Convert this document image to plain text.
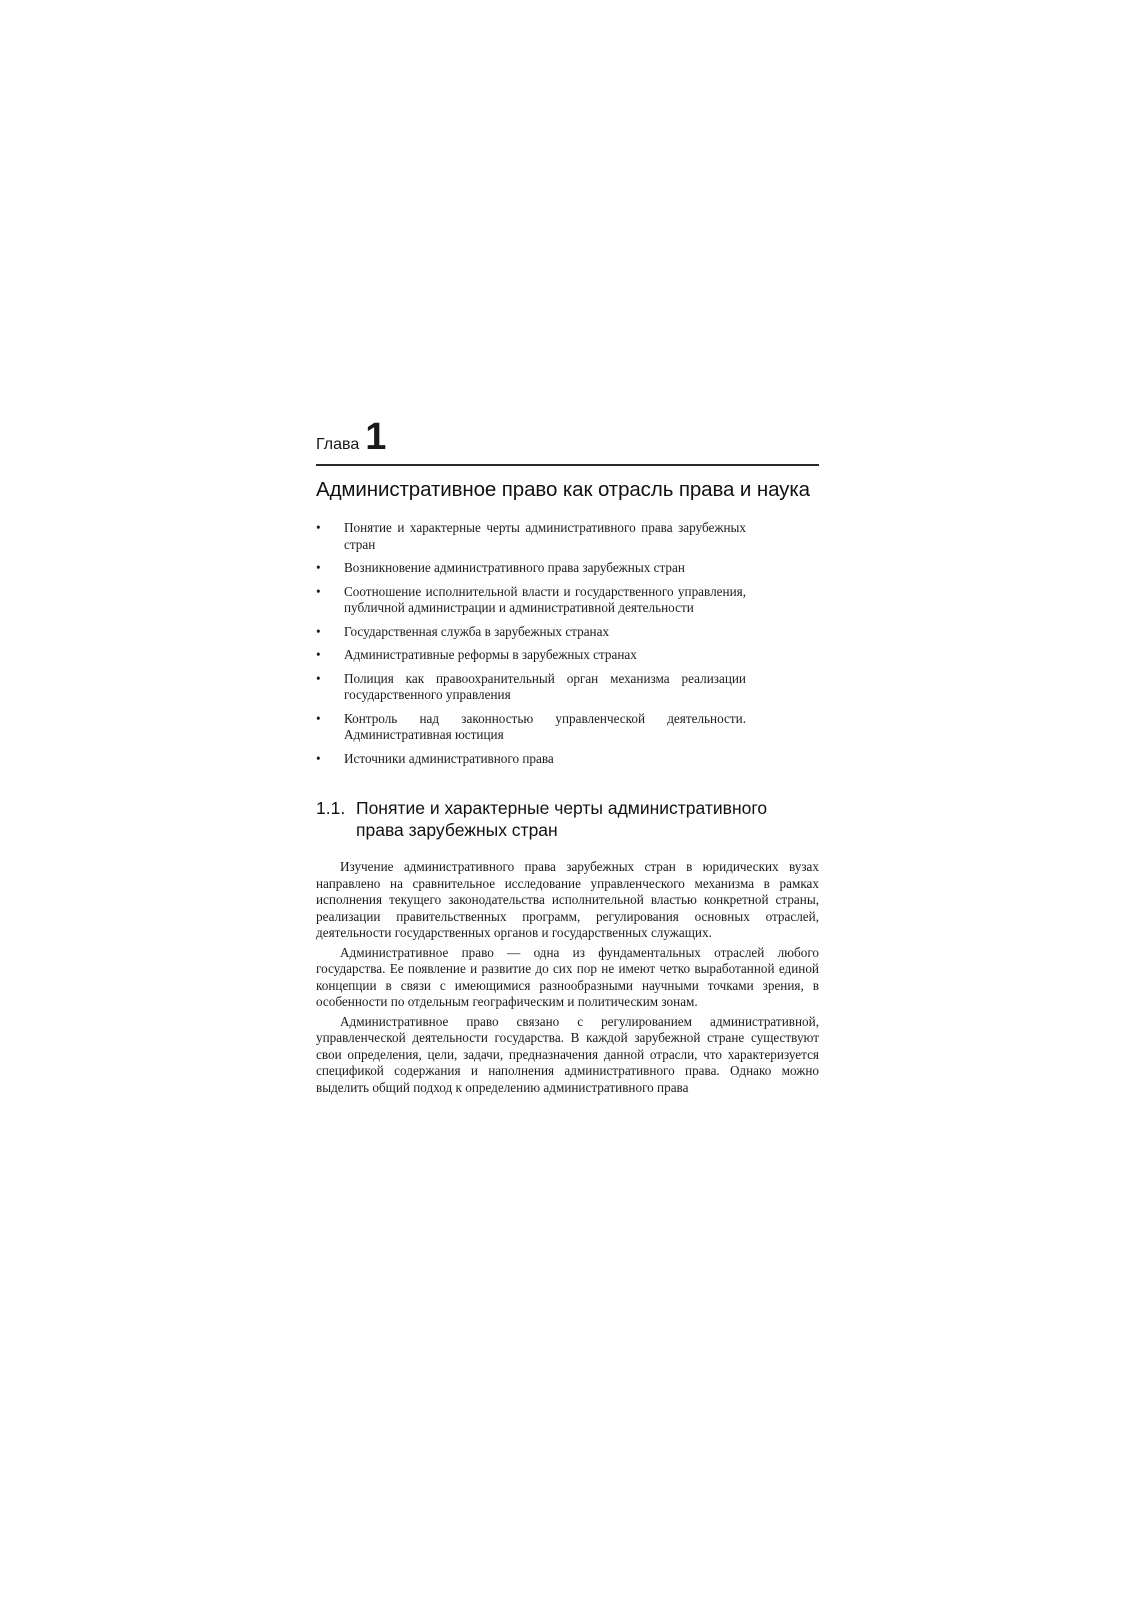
Глава 1
Административное право как отрасль права и наука
• Понятие и характерные черты административного права зарубежных стран
• Возникновение административного права зарубежных стран
• Соотношение исполнительной власти и государственного управления, публичной администрации и административной деятельности
• Государственная служба в зарубежных странах
• Административные реформы в зарубежных странах
• Полиция как правоохранительный орган механизма реализации государственного управления
• Контроль над законностью управленческой деятельности. Административная юстиция
• Источники административного права
1.1. Понятие и характерные черты административного права зарубежных стран

Изучение административного права зарубежных стран в юридических вузах направлено на сравнительное исследование управленческого механизма в рамках исполнения текущего законодательства исполнительной властью конкретной страны, реализации правительственных программ, регулирования основных отраслей, деятельности государственных органов и государственных служащих.

Административное право — одна из фундаментальных отраслей любого государства. Ее появление и развитие до сих пор не имеют четко выработанной единой концепции в связи с имеющимися разнообразными научными точками зрения, в особенности по отдельным географическим и политическим зонам.

Административное право связано с регулированием административной, управленческой деятельности государства. В каждой зарубежной стране существуют свои определения, цели, задачи, предназначения данной отрасли, что характеризуется спецификой содержания и наполнения административного права. Однако можно выделить общий подход к определению административного права
